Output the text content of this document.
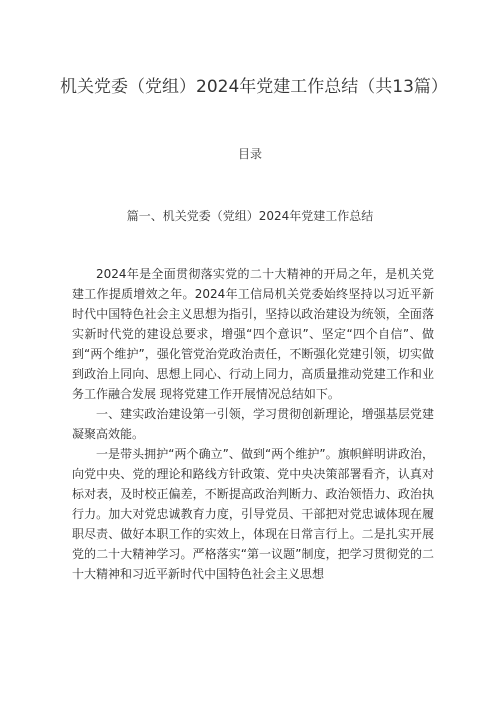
机关党委（党组）2024年党建工作总结（共13篇）
目录
篇一、机关党委（党组）2024年党建工作总结

2024年是全面贯彻落实党的二十大精神的开局之年，是机关党建工作提质增效之年。2024年工信局机关党委始终坚持以习近平新时代中国特色社会主义思想为指引，坚持以政治建设为统领，全面落实新时代党的建设总要求，增强“四个意识”、坚定“四个自信”、做到“两个维护”，强化管党治党政治责任，不断强化党建引领，切实做到政治上同向、思想上同心、行动上同力，高质量推动党建工作和业务工作融合发展 现将党建工作开展情况总结如下。

一、建实政治建设第一引领，学习贯彻创新理论，增强基层党建凝聚高效能。

一是带头拥护“两个确立”、做到“两个维护”。旗帜鲜明讲政治，向党中央、党的理论和路线方针政策、党中央决策部署看齐，认真对标对表，及时校正偏差，不断提高政治判断力、政治领悟力、政治执行力。加大对党忠诚教育力度，引导党员、干部把对党忠诚体现在履职尽责、做好本职工作的实效上，体现在日常言行上。二是扎实开展党的二十大精神学习。严格落实“第一议题”制度，把学习贯彻党的二十大精神和习近平新时代中国特色社会主义思想
